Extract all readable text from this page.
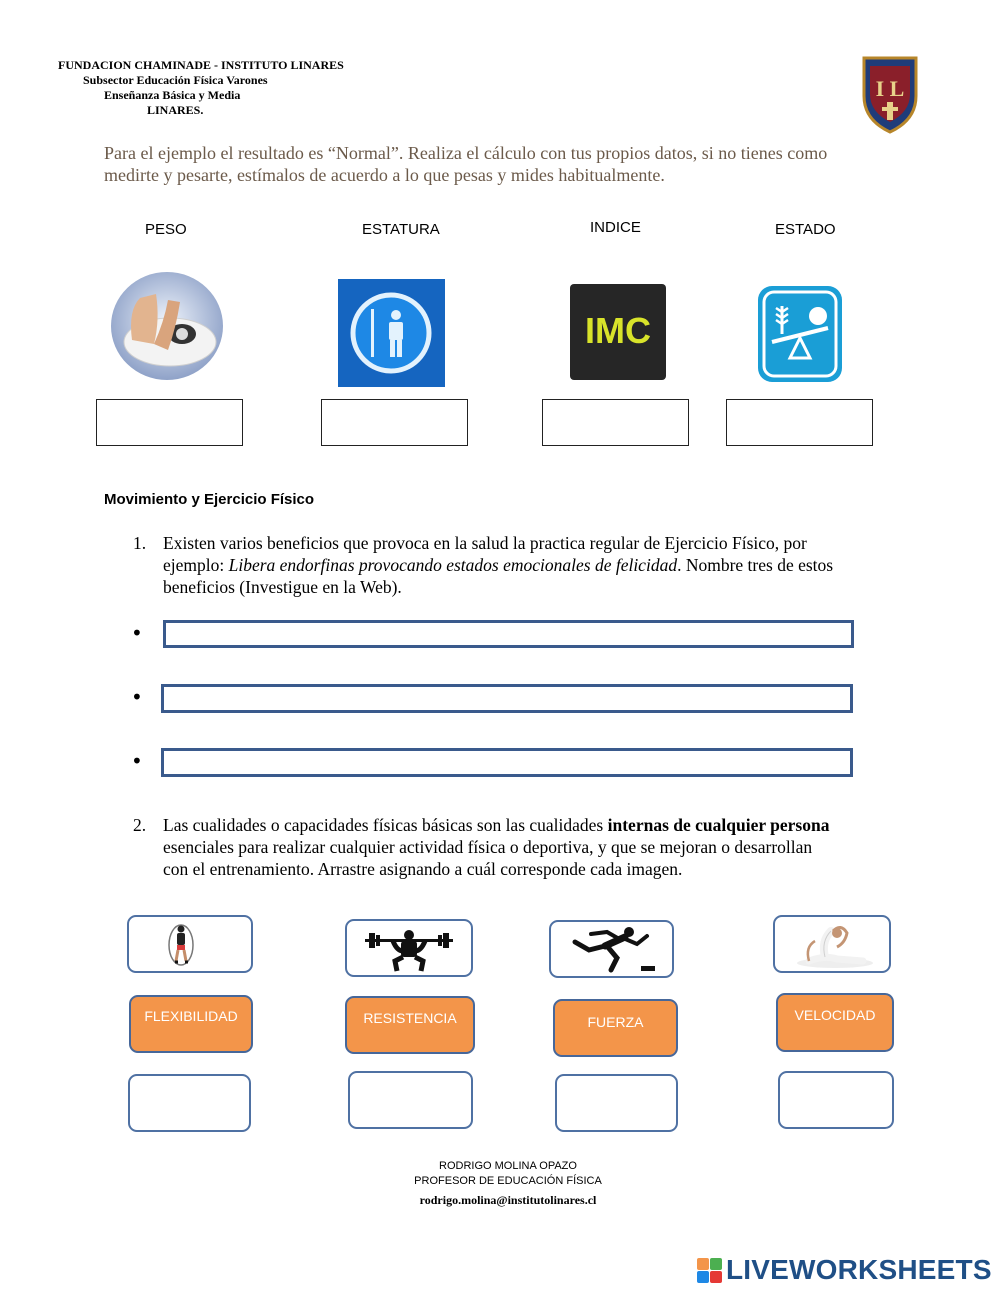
FUNDACION CHAMINADE - INSTITUTO LINARES
Subsector Educación Física Varones
Enseñanza Básica y Media
LINARES.
I L
Para el ejemplo el resultado es “Normal”. Realiza el cálculo con tus propios datos, si no tienes como
medirte y pesarte, estímalos de acuerdo a lo que pesas y mides habitualmente.
PESO	ESTATURA	INDICE	ESTADO
IMC
Movimiento y Ejercicio Físico
1. Existen varios beneficios que provoca en la salud la practica regular de Ejercicio Físico, por
ejemplo: Libera endorfinas provocando estados emocionales de felicidad. Nombre tres de estos
beneficios (Investigue en la Web).
•
•
•
2. Las cualidades o capacidades físicas básicas son las cualidades internas de cualquier persona
esenciales para realizar cualquier actividad física o deportiva, y que se mejoran o desarrollan
con el entrenamiento. Arrastre asignando a cuál corresponde cada imagen.
FLEXIBILIDAD	RESISTENCIA	FUERZA	VELOCIDAD
RODRIGO MOLINA OPAZO
PROFESOR DE EDUCACIÓN FÍSICA
rodrigo.molina@institutolinares.cl
LIVEWORKSHEETS
